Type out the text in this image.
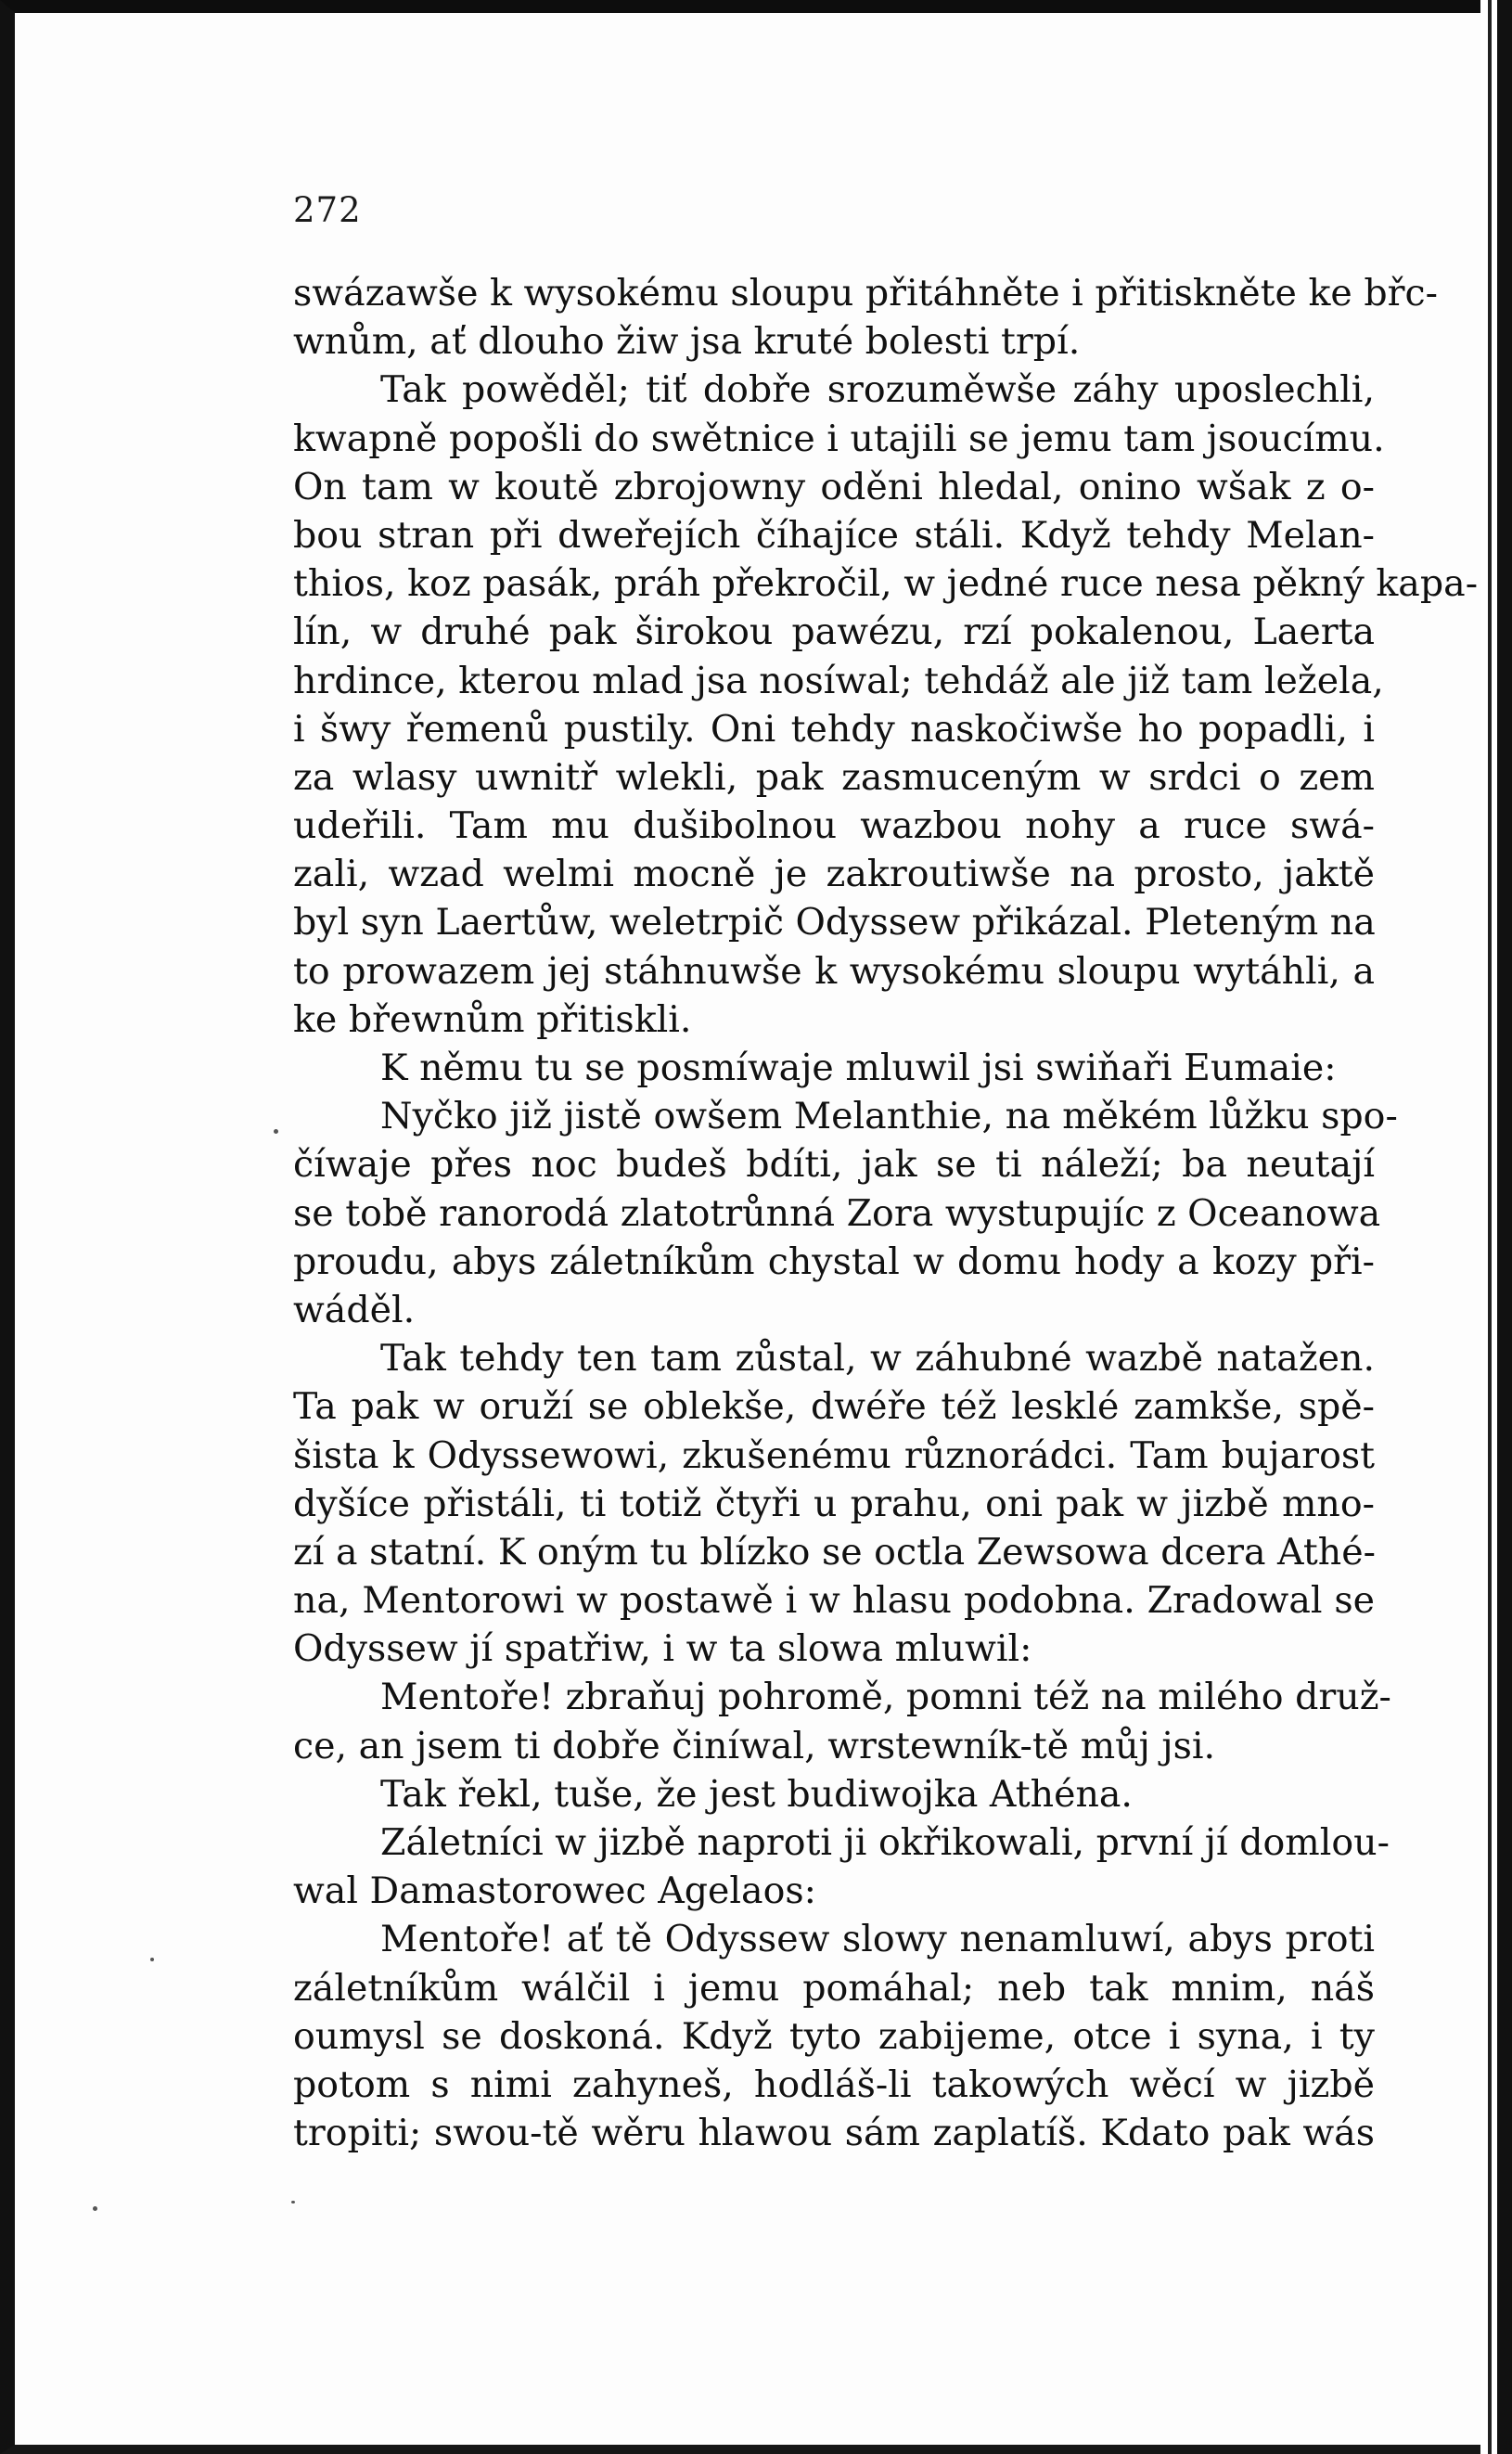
272
swázawše k wysokému sloupu přitáhněte i přitiskněte ke břc-
wnům, ať dlouho žiw jsa kruté bolesti trpí.
Tak powěděl; tiť dobře srozuměwše záhy uposlechli,
kwapně popošli do swětnice i utajili se jemu tam jsoucímu.
On tam w koutě zbrojowny oděni hledal, onino wšak z o-
bou stran při dweřejích číhajíce stáli. Když tehdy Melan-
thios, koz pasák, práh překročil, w jedné ruce nesa pěkný kapa-
lín, w druhé pak širokou pawézu, rzí pokalenou, Laerta
hrdince, kterou mlad jsa nosíwal; tehdáž ale již tam ležela,
i šwy řemenů pustily. Oni tehdy naskočiwše ho popadli, i
za wlasy uwnitř wlekli, pak zasmuceným w srdci o zem
udeřili. Tam mu dušibolnou wazbou nohy a ruce swá-
zali, wzad welmi mocně je zakroutiwše na prosto, jaktě
byl syn Laertůw, weletrpič Odyssew přikázal. Pleteným na
to prowazem jej stáhnuwše k wysokému sloupu wytáhli, a
ke břewnům přitiskli.
K němu tu se posmíwaje mluwil jsi swiňaři Eumaie:
Nyčko již jistě owšem Melanthie, na měkém lůžku spo-
číwaje přes noc budeš bdíti, jak se ti náleží; ba neutají
se tobě ranorodá zlatotrůnná Zora wystupujíc z Oceanowa
proudu, abys záletníkům chystal w domu hody a kozy při-
wáděl.
Tak tehdy ten tam zůstal, w záhubné wazbě natažen.
Ta pak w oruží se oblekše, dwéře též lesklé zamkše, spě-
šista k Odyssewowi, zkušenému různorádci. Tam bujarost
dyšíce přistáli, ti totiž čtyři u prahu, oni pak w jizbě mno-
zí a statní. K oným tu blízko se octla Zewsowa dcera Athé-
na, Mentorowi w postawě i w hlasu podobna. Zradowal se
Odyssew jí spatřiw, i w ta slowa mluwil:
Mentoře! zbraňuj pohromě, pomni též na milého druž-
ce, an jsem ti dobře činíwal, wrstewník-tě můj jsi.
Tak řekl, tuše, že jest budiwojka Athéna.
Záletníci w jizbě naproti ji okřikowali, první jí domlou-
wal Damastorowec Agelaos:
Mentoře! ať tě Odyssew slowy nenamluwí, abys proti
záletníkům wálčil i jemu pomáhal; neb tak mnim, náš
oumysl se doskoná. Když tyto zabijeme, otce i syna, i ty
potom s nimi zahyneš, hodláš-li takowých wěcí w jizbě
tropiti; swou-tě wěru hlawou sám zaplatíš. Kdato pak wás
